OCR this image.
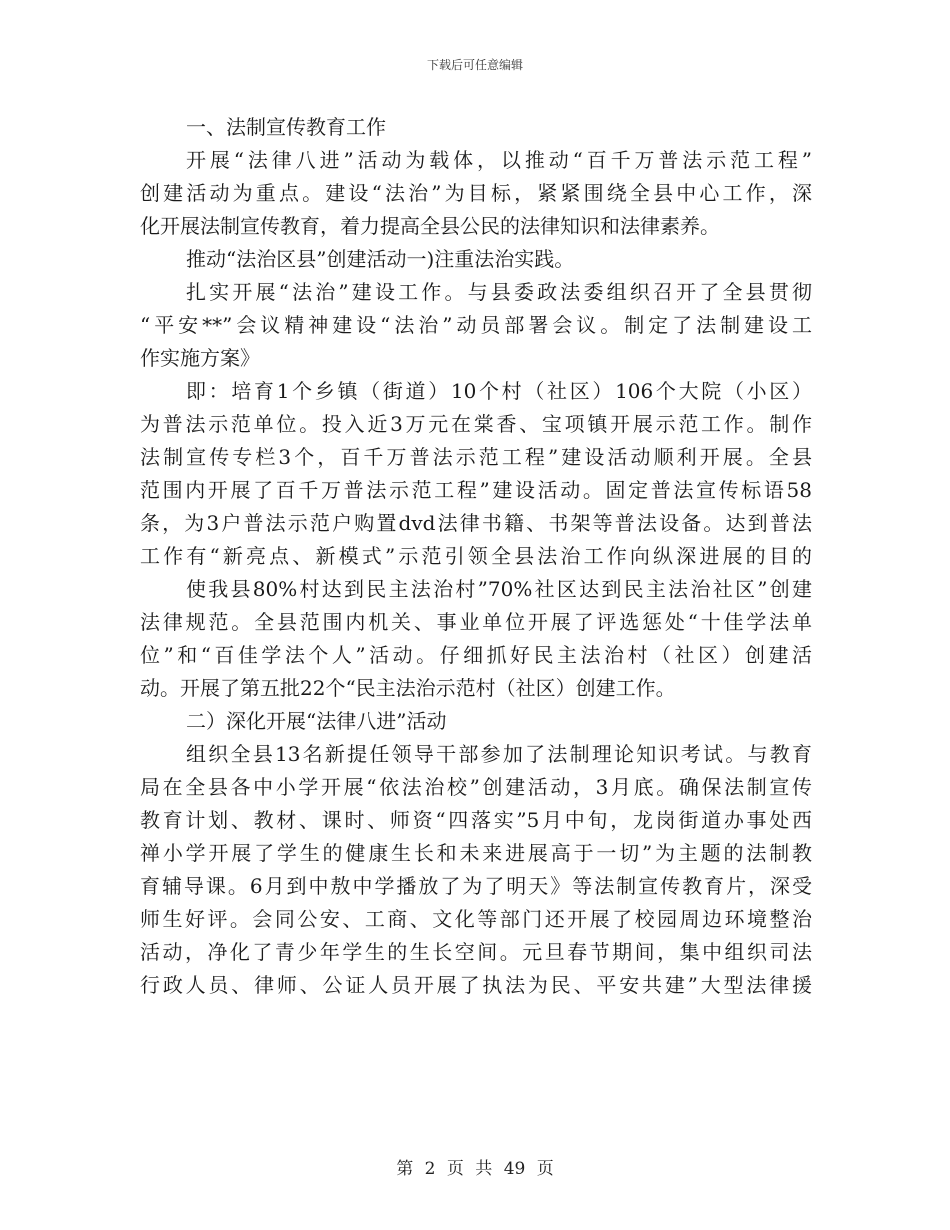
下载后可任意编辑
一、法制宣传教育工作
开展“法律八进”活动为载体，以推动“百千万普法示范工程”
创建活动为重点。建设“法治”为目标，紧紧围绕全县中心工作，深
化开展法制宣传教育，着力提高全县公民的法律知识和法律素养。
推动“法治区县”创建活动一)注重法治实践。
扎实开展“法治”建设工作。与县委政法委组织召开了全县贯彻
“平安**”会议精神建设“法治”动员部署会议。制定了法制建设工
作实施方案》
即：培育1个乡镇（街道）10个村（社区）106个大院（小区）
为普法示范单位。投入近3万元在棠香、宝项镇开展示范工作。制作
法制宣传专栏3个，百千万普法示范工程”建设活动顺利开展。全县
范围内开展了百千万普法示范工程”建设活动。固定普法宣传标语58
条，为3户普法示范户购置dvd法律书籍、书架等普法设备。达到普法
工作有“新亮点、新模式”示范引领全县法治工作向纵深进展的目的
使我县80%村达到民主法治村”70%社区达到民主法治社区”创建
法律规范。全县范围内机关、事业单位开展了评选惩处“十佳学法单
位”和“百佳学法个人”活动。仔细抓好民主法治村（社区）创建活
动。开展了第五批22个“民主法治示范村（社区）创建工作。
二）深化开展“法律八进”活动
组织全县13名新提任领导干部参加了法制理论知识考试。与教育
局在全县各中小学开展“依法治校”创建活动，3月底。确保法制宣传
教育计划、教材、课时、师资“四落实”5月中旬，龙岗街道办事处西
禅小学开展了学生的健康生长和未来进展高于一切”为主题的法制教
育辅导课。6月到中敖中学播放了为了明天》等法制宣传教育片，深受
师生好评。会同公安、工商、文化等部门还开展了校园周边环境整治
活动，净化了青少年学生的生长空间。元旦春节期间，集中组织司法
行政人员、律师、公证人员开展了执法为民、平安共建”大型法律援
第 2 页 共 49 页
